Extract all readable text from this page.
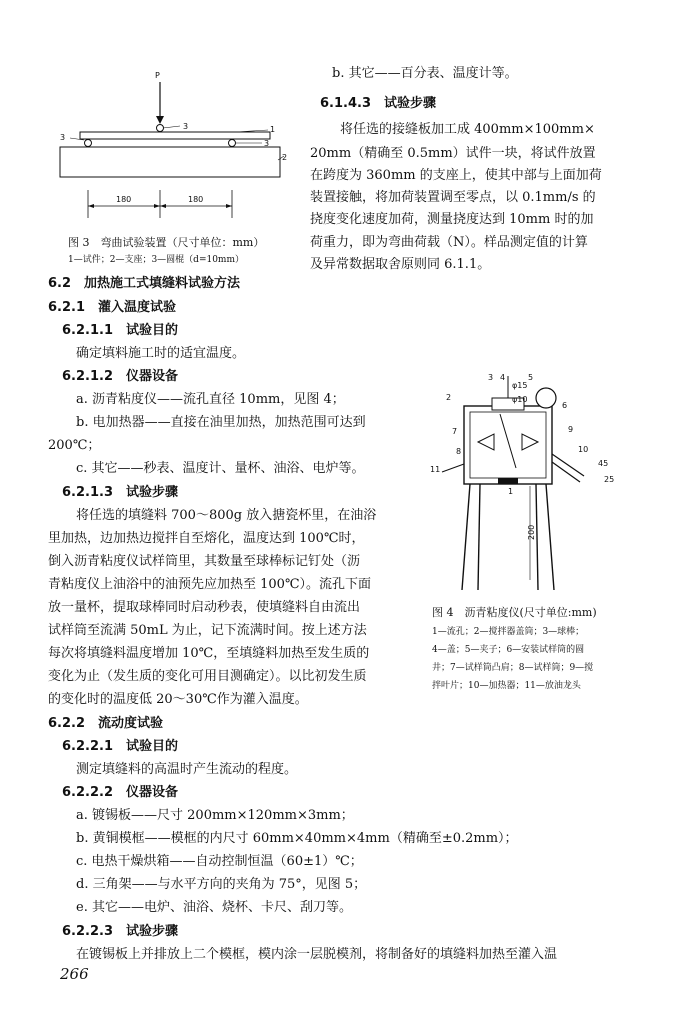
b. 其它——百分表、温度计等。
6.1.4.3　试验步骤
将任选的接缝板加工成 400mm×100mm×
20mm（精确至 0.5mm）试件一块，将试件放置
在跨度为 360mm 的支座上，使其中部与上面加荷
装置接触，将加荷装置调至零点，以 0.1mm/s 的
挠度变化速度加荷，测量挠度达到 10mm 时的加
荷重力，即为弯曲荷载（N）。样品测定值的计算
及异常数据取舍原则同 6.1.1。
P
3
3
1
3
2
180	180
图 3　弯曲试验装置（尺寸单位：mm）
1—试件；2—支座；3—圆棍（d=10mm）
6.2　加热施工式填缝料试验方法
6.2.1　灌入温度试验
6.2.1.1　试验目的
确定填料施工时的适宜温度。
6.2.1.2　仪器设备
a. 沥青粘度仪——流孔直径 10mm，见图 4；
b. 电加热器——直接在油里加热，加热范围可达到
200℃；
c. 其它——秒表、温度计、量杯、油浴、电炉等。
6.2.1.3　试验步骤
将任选的填缝料 700～800g 放入搪瓷杯里，在油浴
里加热，边加热边搅拌自至熔化，温度达到 100℃时，
倒入沥青粘度仪试样筒里，其数量至球棒标记钉处（沥
青粘度仪上油浴中的油预先应加热至 100℃）。流孔下面
放一量杯，提取球棒同时启动秒表，使填缝料自由流出
试样筒至流满 50mL 为止，记下流满时间。按上述方法
每次将填缝料温度增加 10℃，至填缝料加热至发生质的
变化为止（发生质的变化可用目测确定）。以比初发生质
的变化时的温度低 20～30℃作为灌入温度。
6.2.2　流动度试验
6.2.2.1　试验目的
测定填缝料的高温时产生流动的程度。
6.2.2.2　仪器设备
a. 镀锡板——尺寸 200mm×120mm×3mm；
b. 黄铜模框——模框的内尺寸 60mm×40mm×4mm（精确至±0.2mm）；
c. 电热干燥烘箱——自动控制恒温（60±1）℃；
d. 三角架——与水平方向的夹角为 75°，见图 5；
e. 其它——电炉、油浴、烧杯、卡尺、刮刀等。
6.2.2.3　试验步骤
在镀锡板上并排放上二个模框，模内涂一层脱模剂，将制备好的填缝料加热至灌入温
200
φ15
φ10
45
25
2
3 4	5
6
7
8
9
10
11
1
图 4　沥青粘度仪(尺寸单位:mm)
1—流孔；2—搅拌器盖筒；3—球棒；
4—盖；5—夹子；6—安装试样筒的圆
井；7—试样筒凸肩；8—试样筒；9—搅
拌叶片；10—加热器；11—放油龙头
266
